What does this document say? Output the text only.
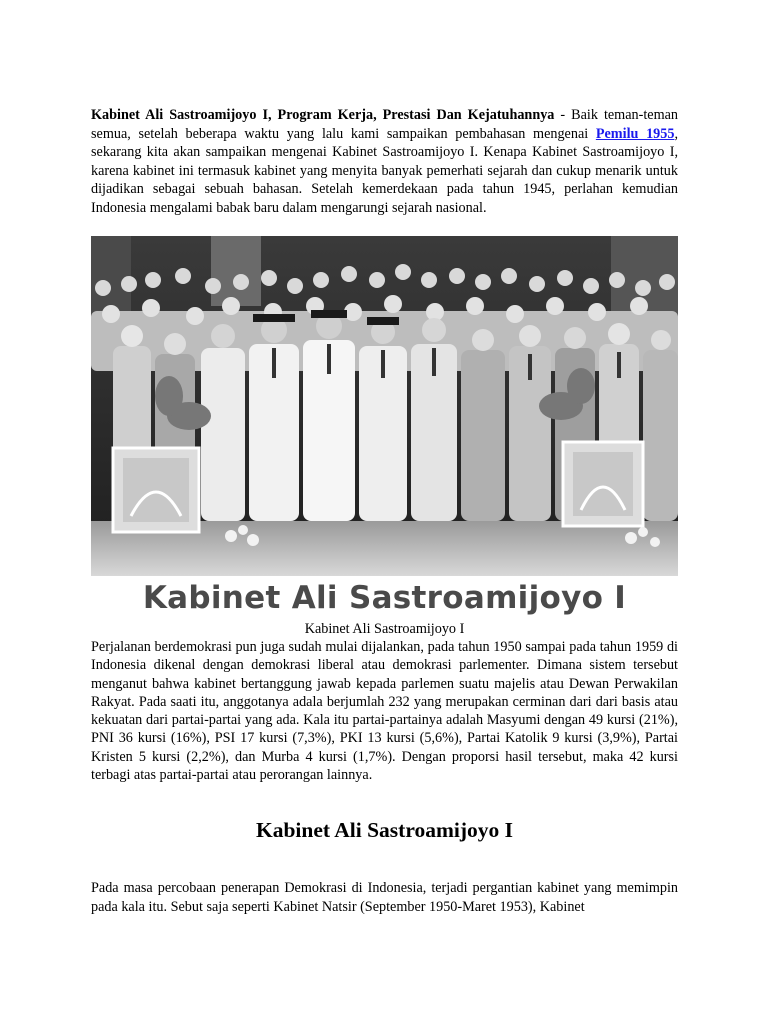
Kabinet Ali Sastroamijoyo I, Program Kerja, Prestasi Dan Kejatuhannya - Baik teman-teman semua, setelah beberapa waktu yang lalu kami sampaikan pembahasan mengenai Pemilu 1955, sekarang kita akan sampaikan mengenai Kabinet Sastroamijoyo I. Kenapa Kabinet Sastroamijoyo I, karena kabinet ini termasuk kabinet yang menyita banyak pemerhati sejarah dan cukup menarik untuk dijadikan sebagai sebuah bahasan. Setelah kemerdekaan pada tahun 1945, perlahan kemudian Indonesia mengalami babak baru dalam mengarungi sejarah nasional.

Kabinet Ali Sastroamijoyo I
Kabinet Ali Sastroamijoyo I

Perjalanan berdemokrasi pun juga sudah mulai dijalankan, pada tahun 1950 sampai pada tahun 1959 di Indonesia dikenal dengan demokrasi liberal atau demokrasi parlementer. Dimana sistem tersebut menganut bahwa kabinet bertanggung jawab kepada parlemen suatu majelis atau Dewan Perwakilan Rakyat. Pada saati itu, anggotanya adala berjumlah 232 yang merupakan cerminan dari dari basis atau kekuatan dari partai-partai yang ada. Kala itu partai-partainya adalah Masyumi dengan 49 kursi (21%), PNI 36 kursi (16%), PSI 17 kursi (7,3%), PKI 13 kursi (5,6%), Partai Katolik 9 kursi (3,9%), Partai Kristen 5 kursi (2,2%), dan Murba 4 kursi (1,7%). Dengan proporsi hasil tersebut, maka 42 kursi terbagi atas partai-partai atau perorangan lainnya.

Kabinet Ali Sastroamijoyo I

Pada masa percobaan penerapan Demokrasi di Indonesia, terjadi pergantian kabinet yang memimpin pada kala itu. Sebut saja seperti Kabinet Natsir (September 1950-Maret 1953), Kabinet
